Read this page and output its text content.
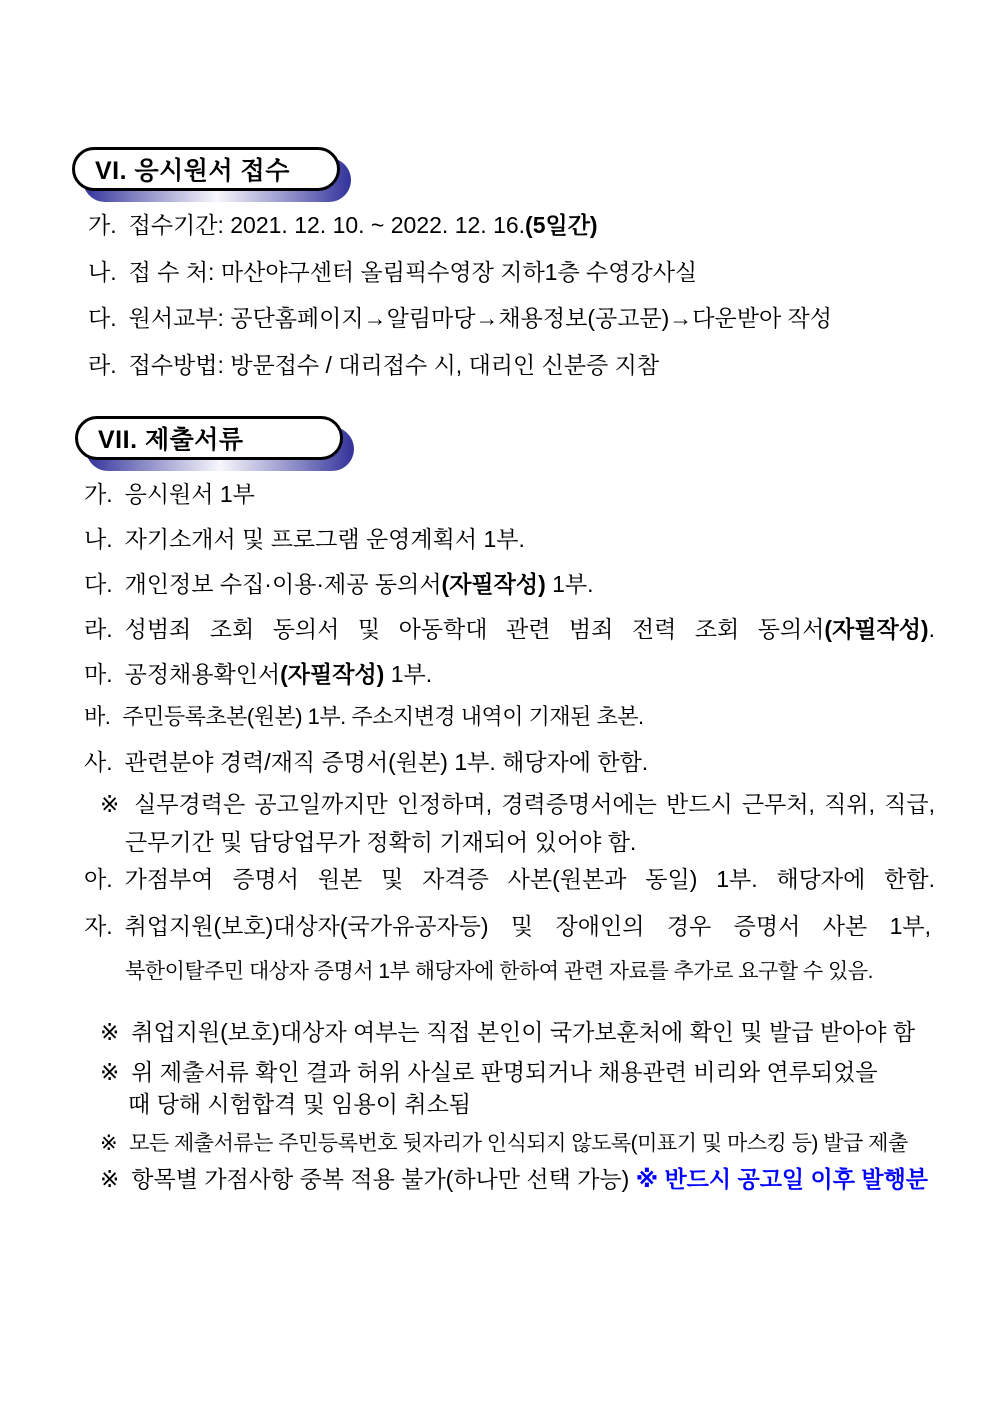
VI. 응시원서 접수
가. 접수기간: 2021. 12. 10. ~ 2022. 12. 16.(5일간)
나. 접 수 처: 마산야구센터 올림픽수영장 지하1층 수영강사실
다. 원서교부: 공단홈페이지→알림마당→채용정보(공고문)→다운받아 작성
라. 접수방법: 방문접수 / 대리접수 시, 대리인 신분증 지참
VII. 제출서류
가. 응시원서 1부
나. 자기소개서 및 프로그램 운영계획서 1부.
다. 개인정보 수집·이용·제공 동의서(자필작성) 1부.
라. 성범죄 조회 동의서 및 아동학대 관련 범죄 전력 조회 동의서(자필작성).
마. 공정채용확인서(자필작성) 1부.
바. 주민등록초본(원본) 1부. 주소지변경 내역이 기재된 초본.
사. 관련분야 경력/재직 증명서(원본) 1부. 해당자에 한함.
※ 실무경력은 공고일까지만 인정하며, 경력증명서에는 반드시 근무처, 직위, 직급,
근무기간 및 담당업무가 정확히 기재되어 있어야 함.
아. 가점부여 증명서 원본 및 자격증 사본(원본과 동일) 1부. 해당자에 한함.
자. 취업지원(보호)대상자(국가유공자등) 및 장애인의 경우 증명서 사본 1부,
북한이탈주민 대상자 증명서 1부 해당자에 한하여 관련 자료를 추가로 요구할 수 있음.
※ 취업지원(보호)대상자 여부는 직접 본인이 국가보훈처에 확인 및 발급 받아야 함
※ 위 제출서류 확인 결과 허위 사실로 판명되거나 채용관련 비리와 연루되었을
때 당해 시험합격 및 임용이 취소됨
※ 모든 제출서류는 주민등록번호 뒷자리가 인식되지 않도록(미표기 및 마스킹 등) 발급 제출
※ 항목별 가점사항 중복 적용 불가(하나만 선택 가능) ※ 반드시 공고일 이후 발행분
